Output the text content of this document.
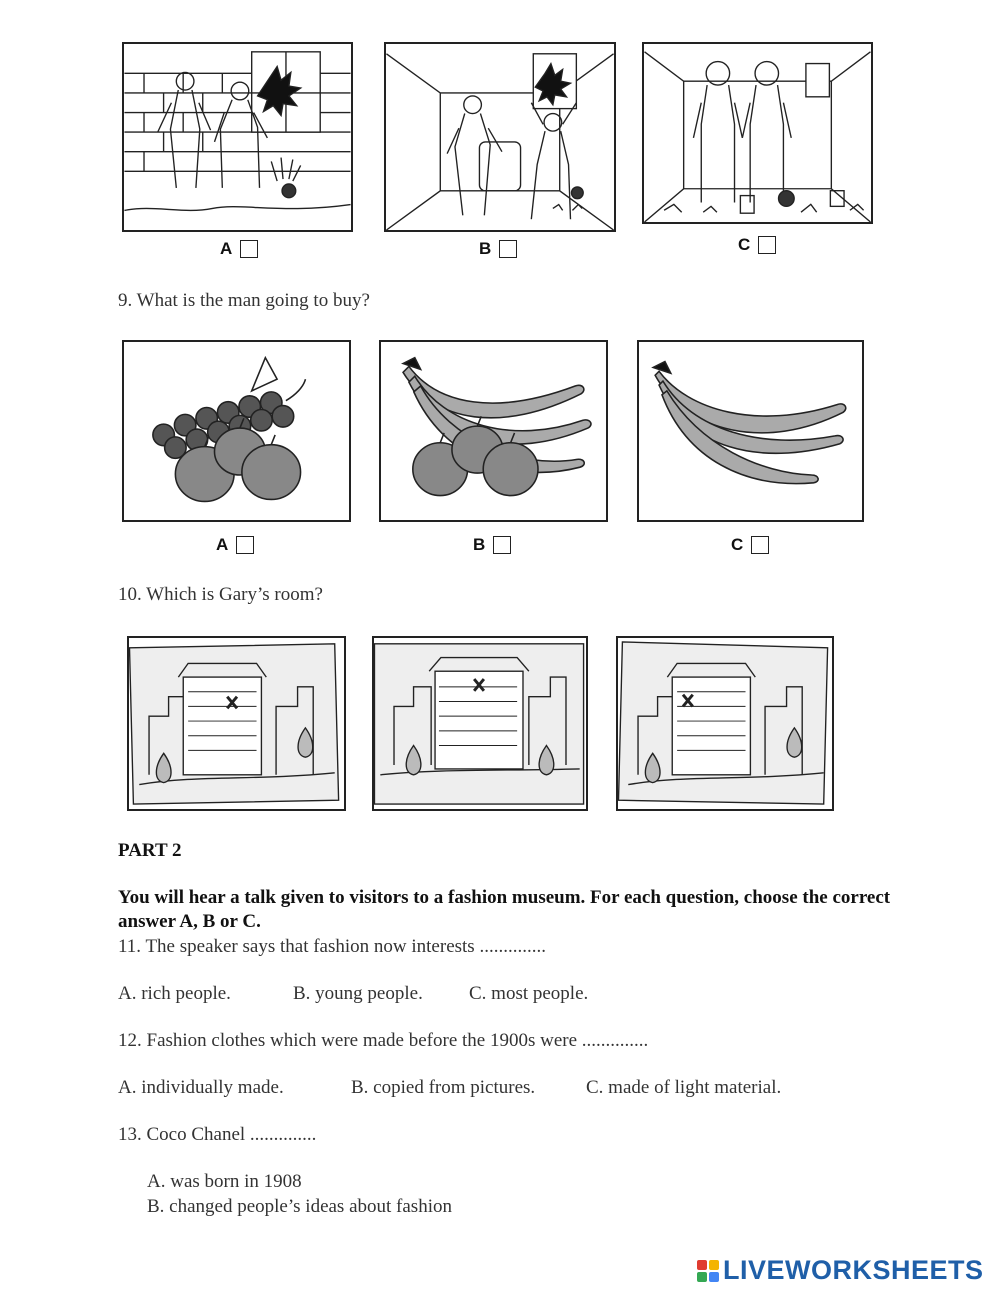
A	B	C
9. What is the man going to buy?
A	B	C
10. Which is Gary’s room?
PART 2
You will hear a talk given to visitors to a fashion museum. For each question, choose the correct answer A, B or C.
11. The speaker says that fashion now interests ..............
A. rich people.	B. young people. C. most people.
12. Fashion clothes which were made before the 1900s were ..............
A. individually made.	B. copied from pictures.	C. made of light material.
13. Coco Chanel ..............
A. was born in 1908
B. changed people’s ideas about fashion
LIVEWORKSHEETS
